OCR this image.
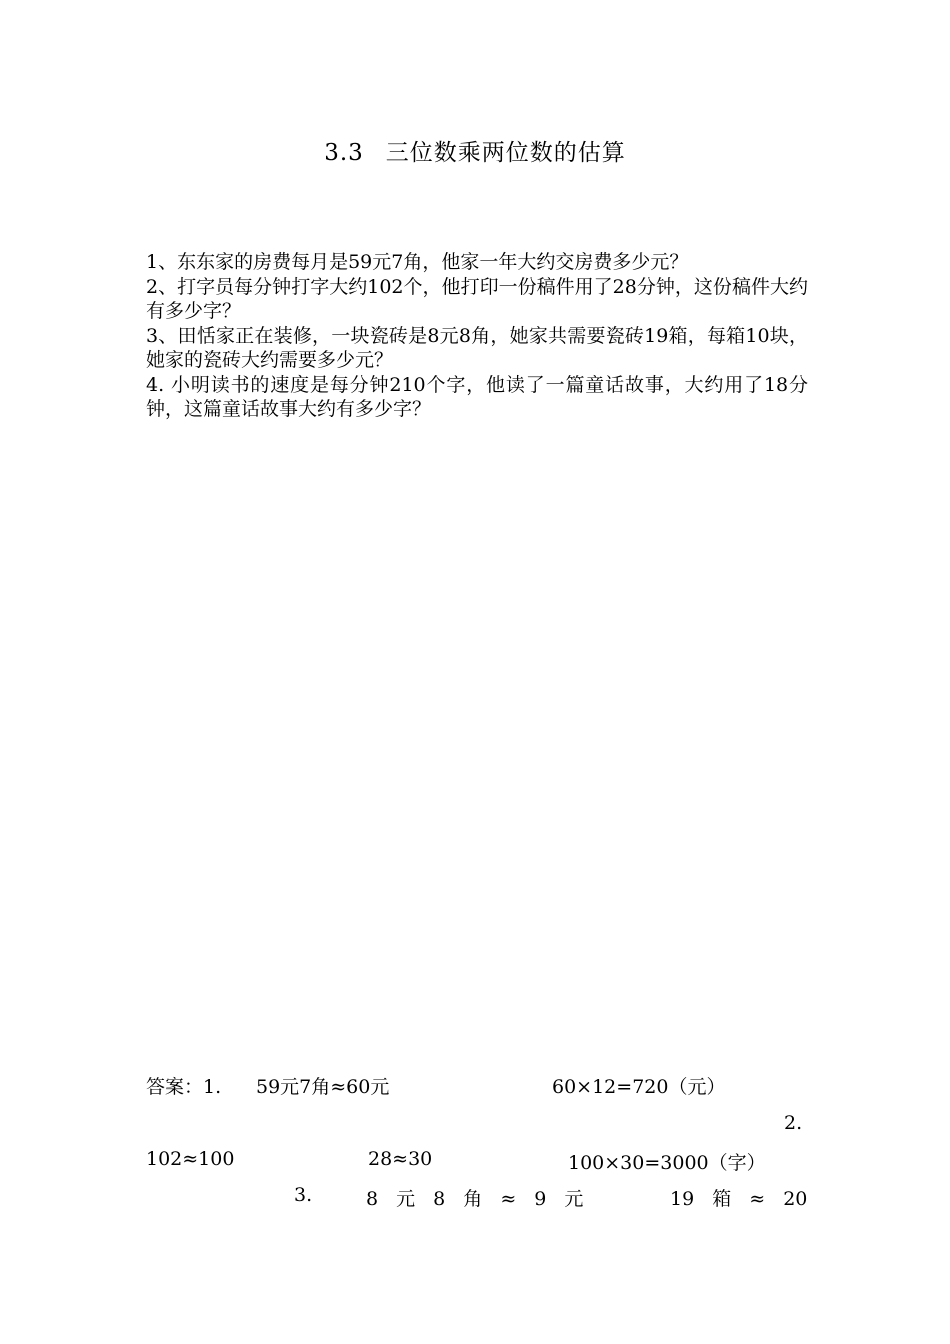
3.3 三位数乘两位数的估算

1、东东家的房费每月是59元7角，他家一年大约交房费多少元？

2、打字员每分钟打字大约102个，他打印一份稿件用了28分钟，这份稿件大约有多少字？

3、田恬家正在装修，一块瓷砖是8元8角，她家共需要瓷砖19箱，每箱10块，她家的瓷砖大约需要多少元？

4. 小明读书的速度是每分钟210个字，他读了一篇童话故事，大约用了18分钟，这篇童话故事大约有多少字？

答案：1. 59元7角≈60元	60×12=720（元）
2.
102≈100	28≈30	100×30=3000（字）
3.	8 元 8 角 ≈ 9 元	19 箱 ≈ 20
